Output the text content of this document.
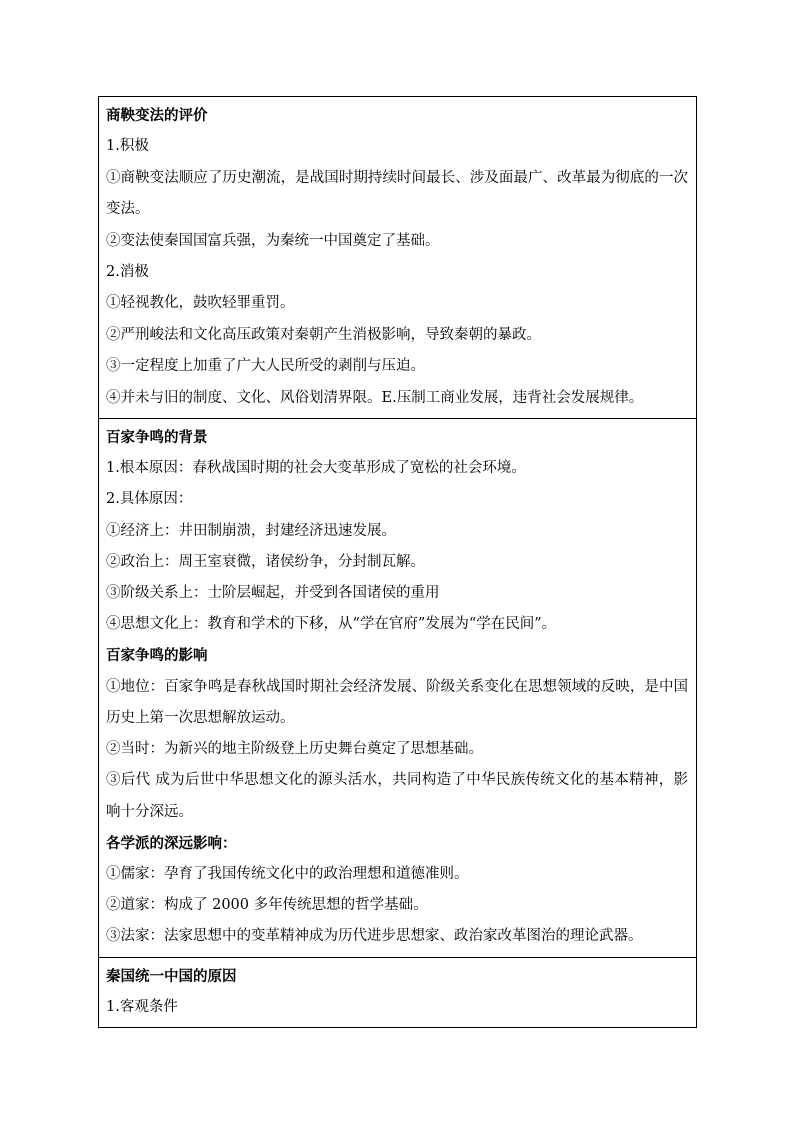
商鞅变法的评价

1.积极

①商鞅变法顺应了历史潮流，是战国时期持续时间最长、涉及面最广、改革最为彻底的一次变法。

②变法使秦国国富兵强，为秦统一中国奠定了基础。

2.消极

①轻视教化，鼓吹轻罪重罚。

②严刑峻法和文化高压政策对秦朝产生消极影响，导致秦朝的暴政。

③一定程度上加重了广大人民所受的剥削与压迫。

④并未与旧的制度、文化、风俗划清界限。E.压制工商业发展，违背社会发展规律。

百家争鸣的背景

1.根本原因：春秋战国时期的社会大变革形成了宽松的社会环境。

2.具体原因：

①经济上：井田制崩溃，封建经济迅速发展。

②政治上：周王室衰微，诸侯纷争，分封制瓦解。

③阶级关系上：士阶层崛起，并受到各国诸侯的重用

④思想文化上：教育和学术的下移，从“学在官府”发展为“学在民间”。

百家争鸣的影响

①地位：百家争鸣是春秋战国时期社会经济发展、阶级关系变化在思想领域的反映，是中国历史上第一次思想解放运动。

②当时：为新兴的地主阶级登上历史舞台奠定了思想基础。

③后代 成为后世中华思想文化的源头活水，共同构造了中华民族传统文化的基本精神，影响十分深远。

各学派的深远影响：

①儒家：孕育了我国传统文化中的政治理想和道德准则。

②道家：构成了 2000 多年传统思想的哲学基础。

③法家：法家思想中的变革精神成为历代进步思想家、政治家改革图治的理论武器。

秦国统一中国的原因

1.客观条件
